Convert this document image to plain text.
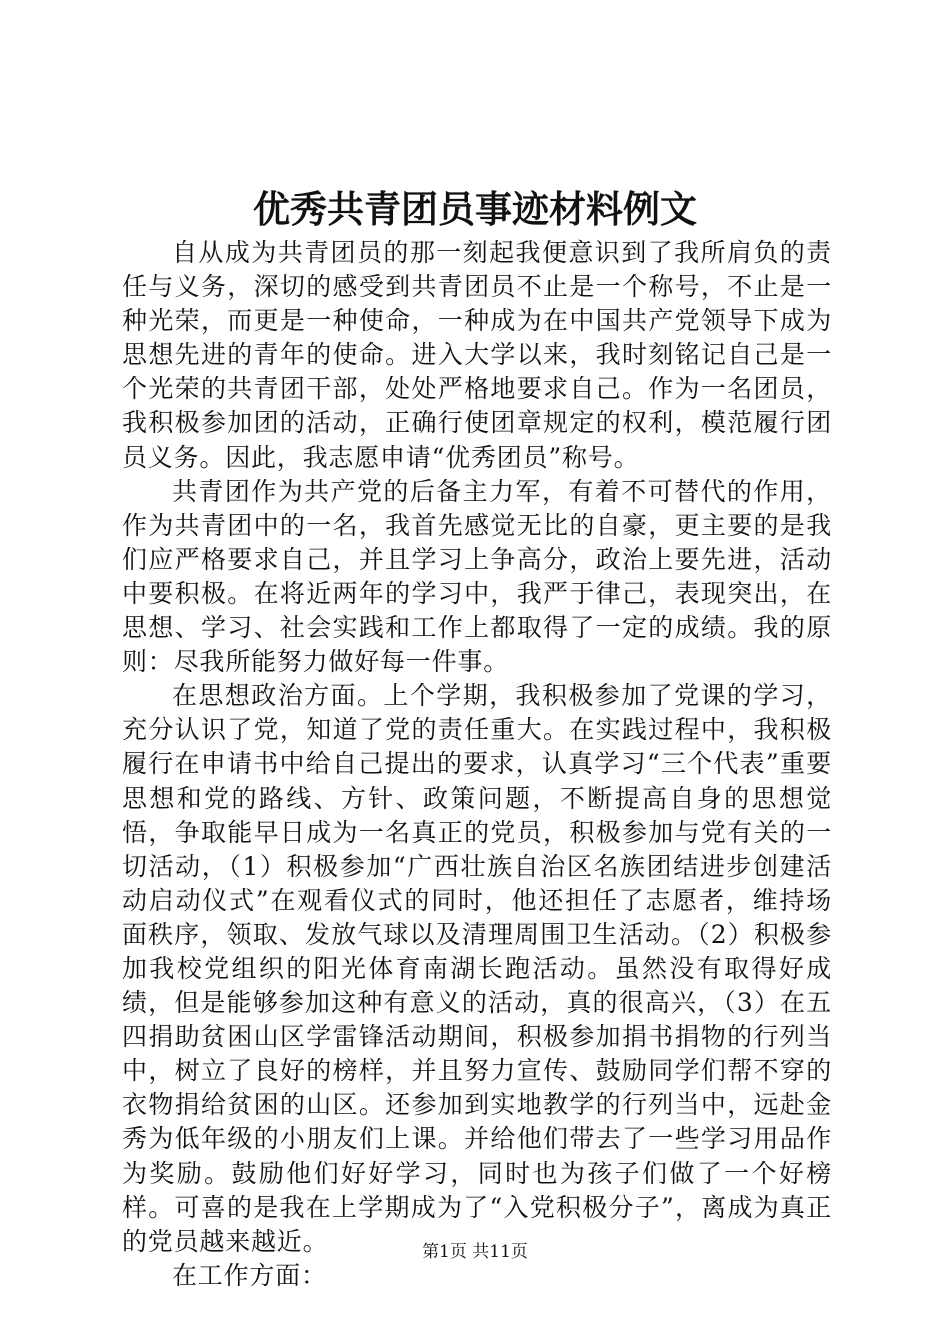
优秀共青团员事迹材料例文

自从成为共青团员的那一刻起我便意识到了我所肩负的责任与义务，深切的感受到共青团员不止是一个称号，不止是一种光荣，而更是一种使命，一种成为在中国共产党领导下成为思想先进的青年的使命。进入大学以来，我时刻铭记自己是一个光荣的共青团干部，处处严格地要求自己。作为一名团员，我积极参加团的活动，正确行使团章规定的权利，模范履行团员义务。因此，我志愿申请“优秀团员”称号。

共青团作为共产党的后备主力军，有着不可替代的作用，作为共青团中的一名，我首先感觉无比的自豪，更主要的是我们应严格要求自己，并且学习上争高分，政治上要先进，活动中要积极。在将近两年的学习中，我严于律己，表现突出，在思想、学习、社会实践和工作上都取得了一定的成绩。我的原则：尽我所能努力做好每一件事。

在思想政治方面。上个学期，我积极参加了党课的学习，充分认识了党，知道了党的责任重大。在实践过程中，我积极履行在申请书中给自己提出的要求，认真学习“三个代表”重要思想和党的路线、方针、政策问题，不断提高自身的思想觉悟，争取能早日成为一名真正的党员，积极参加与党有关的一切活动，（1）积极参加“广西壮族自治区名族团结进步创建活动启动仪式”在观看仪式的同时，他还担任了志愿者，维持场面秩序，领取、发放气球以及清理周围卫生活动。（2）积极参加我校党组织的阳光体育南湖长跑活动。虽然没有取得好成绩，但是能够参加这种有意义的活动，真的很高兴，（3）在五四捐助贫困山区学雷锋活动期间，积极参加捐书捐物的行列当中，树立了良好的榜样，并且努力宣传、鼓励同学们帮不穿的衣物捐给贫困的山区。还参加到实地教学的行列当中，远赴金秀为低年级的小朋友们上课。并给他们带去了一些学习用品作为奖励。鼓励他们好好学习，同时也为孩子们做了一个好榜样。可喜的是我在上学期成为了“入党积极分子”，离成为真正的党员越来越近。

在工作方面：

第1页 共11页
